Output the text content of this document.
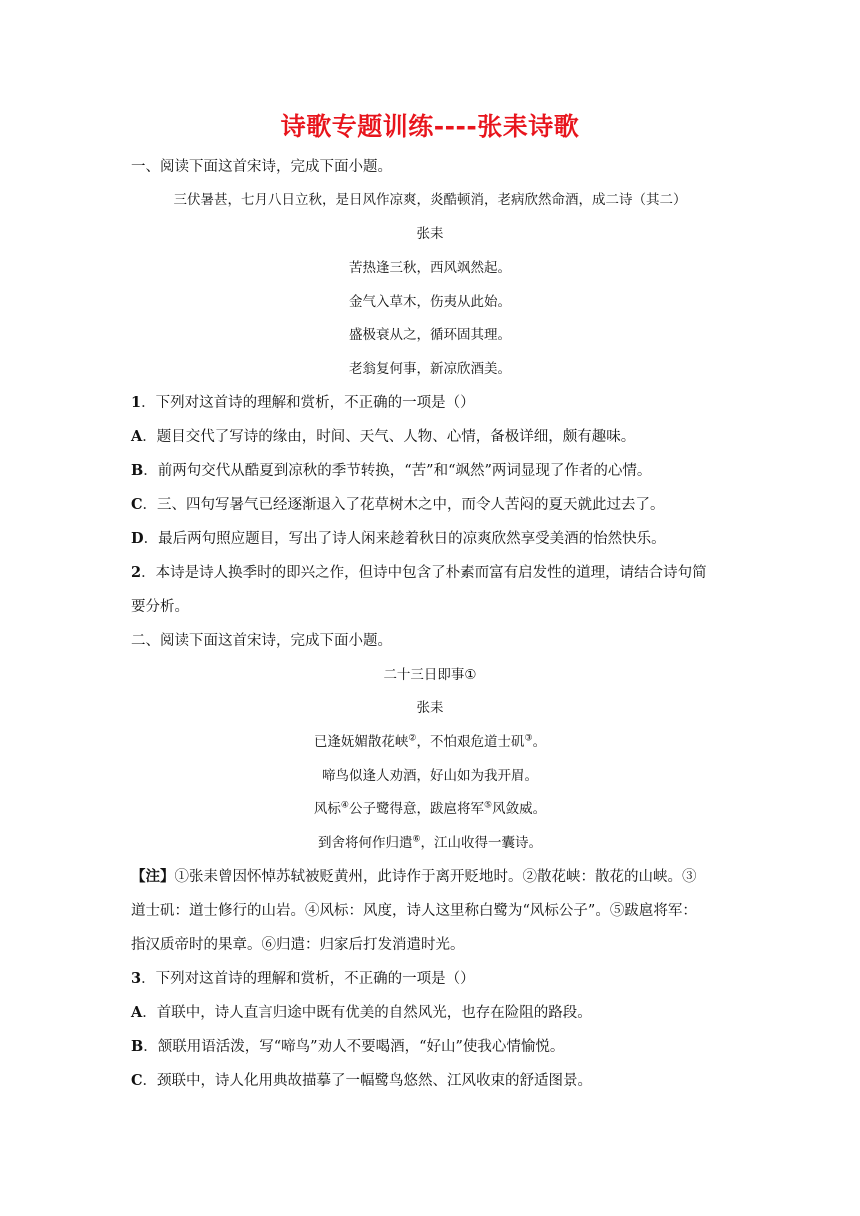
诗歌专题训练----张耒诗歌
一、阅读下面这首宋诗，完成下面小题。
三伏暑甚，七月八日立秋，是日风作凉爽，炎酷顿消，老病欣然命酒，成二诗（其二）
张耒
苦热逢三秋，西风飒然起。
金气入草木，伤夷从此始。
盛极衰从之，循环固其理。
老翁复何事，新凉欣酒美。
1．下列对这首诗的理解和赏析，不正确的一项是（）
A．题目交代了写诗的缘由，时间、天气、人物、心情，备极详细，颇有趣味。
B．前两句交代从酷夏到凉秋的季节转换，“苦”和“飒然”两词显现了作者的心情。
C．三、四句写暑气已经逐渐退入了花草树木之中，而令人苦闷的夏天就此过去了。
D．最后两句照应题目，写出了诗人闲来趁着秋日的凉爽欣然享受美酒的怡然快乐。
2．本诗是诗人换季时的即兴之作，但诗中包含了朴素而富有启发性的道理，请结合诗句简
要分析。
二、阅读下面这首宋诗，完成下面小题。
二十三日即事①
张耒
已逢妩媚散花峡②，不怕艰危道士矶③。
啼鸟似逢人劝酒，好山如为我开眉。
风标④公子鹭得意，跋扈将军⑤风敛威。
到舍将何作归遣⑥，江山收得一囊诗。
【注】①张耒曾因怀悼苏轼被贬黄州，此诗作于离开贬地时。②散花峡：散花的山峡。③
道士矶：道士修行的山岩。④风标：风度，诗人这里称白鹭为“风标公子”。⑤跋扈将军：
指汉质帝时的果章。⑥归遣：归家后打发消遣时光。
3．下列对这首诗的理解和赏析，不正确的一项是（）
A．首联中，诗人直言归途中既有优美的自然风光，也存在险阻的路段。
B．颔联用语活泼，写“啼鸟”劝人不要喝酒，“好山”使我心情愉悦。
C．颈联中，诗人化用典故描摹了一幅鹭鸟悠然、江风收束的舒适图景。
